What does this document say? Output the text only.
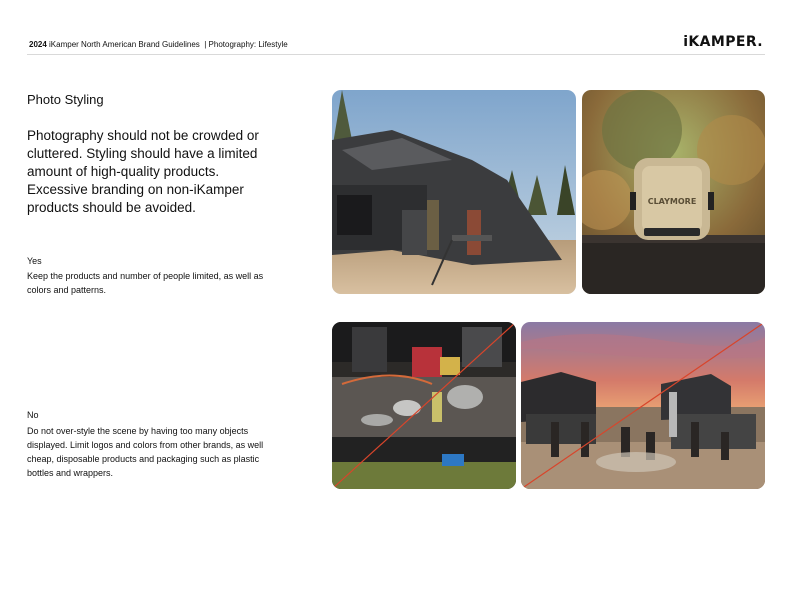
2024 iKamper North American Brand Guidelines | Photography: Lifestyle	iKAMPER.
Photo Styling
Photography should not be crowded or cluttered. Styling should have a limited amount of high-quality products. Excessive branding on non-iKamper products should be avoided.
Yes
Keep the products and number of people limited, as well as colors and patterns.
No
Do not over-style the scene by having too many objects displayed. Limit logos and colors from other brands, as well cheap, disposable products and packaging such as plastic bottles and wrappers.
CLAYMORE
